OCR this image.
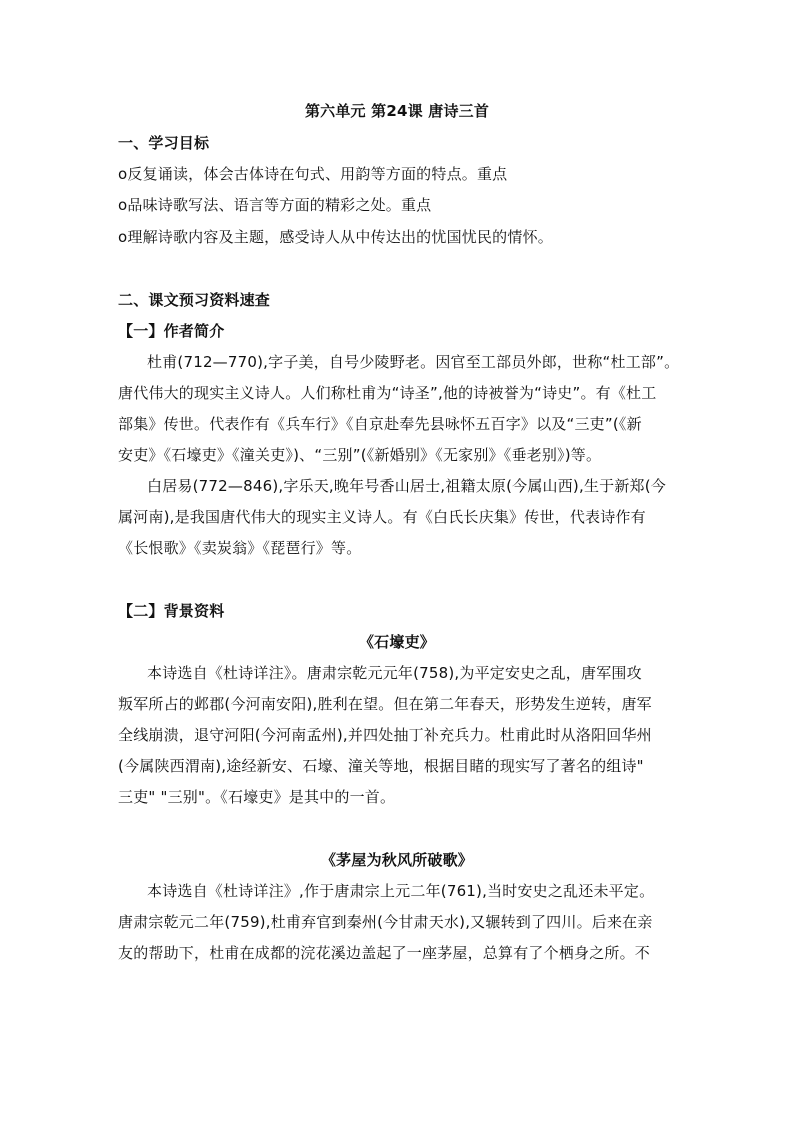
第六单元 第24课 唐诗三首
一、学习目标
o反复诵读，体会古体诗在句式、用韵等方面的特点。重点
o品味诗歌写法、语言等方面的精彩之处。重点
o理解诗歌内容及主题，感受诗人从中传达出的忧国忧民的情怀。
二、课文预习资料速查
【一】作者简介
杜甫(712—770),字子美，自号少陵野老。因官至工部员外郎，世称“杜工部”。
唐代伟大的现实主义诗人。人们称杜甫为“诗圣”,他的诗被誉为“诗史”。有《杜工
部集》传世。代表作有《兵车行》《自京赴奉先县咏怀五百字》以及“三吏”(《新
安吏》《石壕吏》《潼关吏》)、“三别”(《新婚别》《无家别》《垂老别》)等。
白居易(772—846),字乐天,晚年号香山居士,祖籍太原(今属山西),生于新郑(今
属河南),是我国唐代伟大的现实主义诗人。有《白氏长庆集》传世，代表诗作有
《长恨歌》《卖炭翁》《琵琶行》等。
【二】背景资料
《石壕吏》
本诗选自《杜诗详注》。唐肃宗乾元元年(758),为平定安史之乱，唐军围攻
叛军所占的邺郡(今河南安阳),胜利在望。但在第二年春天，形势发生逆转，唐军
全线崩溃，退守河阳(今河南孟州),并四处抽丁补充兵力。杜甫此时从洛阳回华州
(今属陕西渭南),途经新安、石壕、潼关等地，根据目睹的现实写了著名的组诗"
三吏" "三别"。《石壕吏》是其中的一首。
《茅屋为秋风所破歌》
本诗选自《杜诗详注》,作于唐肃宗上元二年(761),当时安史之乱还未平定。
唐肃宗乾元二年(759),杜甫弃官到秦州(今甘肃天水),又辗转到了四川。后来在亲
友的帮助下，杜甫在成都的浣花溪边盖起了一座茅屋，总算有了个栖身之所。不
